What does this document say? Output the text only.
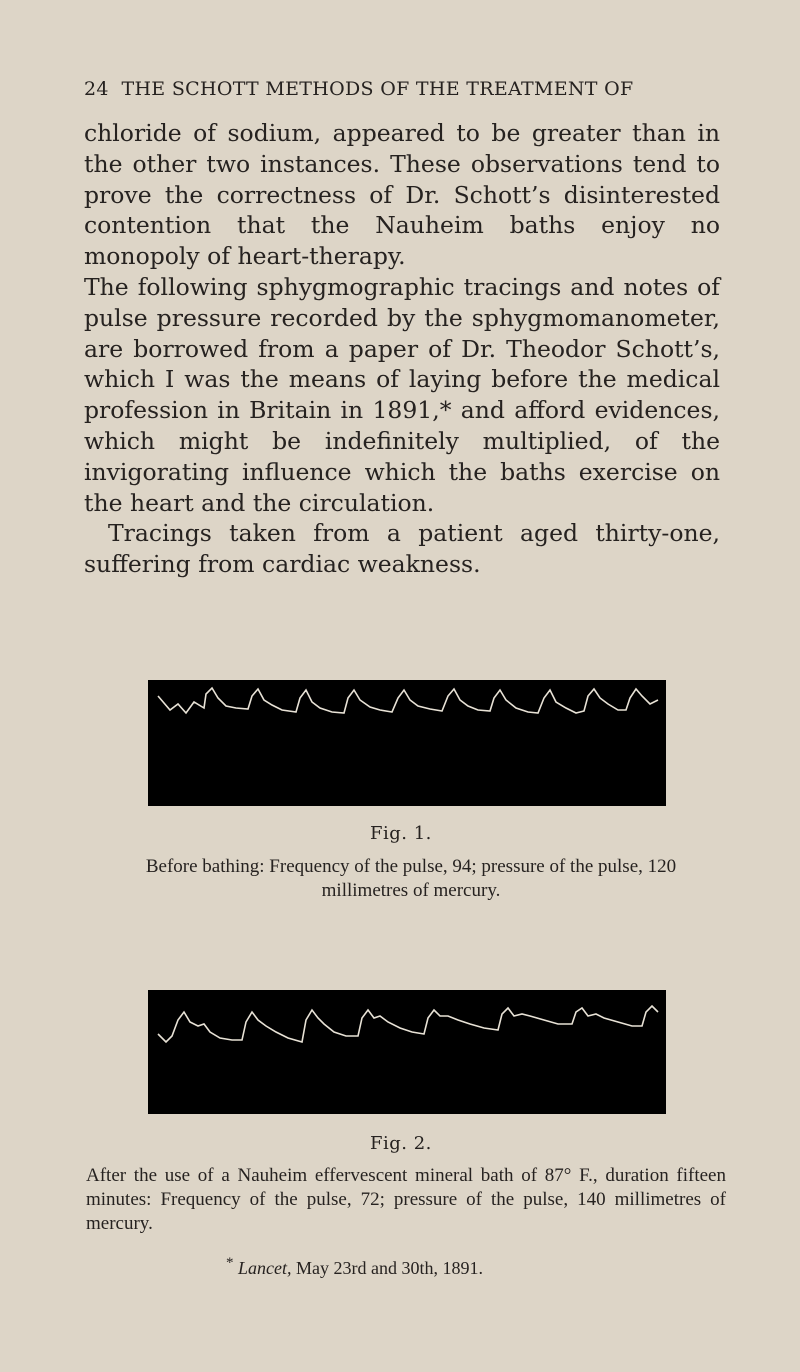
24 THE SCHOTT METHODS OF THE TREATMENT OF

chloride of sodium, appeared to be greater than in the other two instances. These observations tend to prove the correctness of Dr. Schott’s disinterested contention that the Nauheim baths enjoy no monopoly of heart-therapy.

The following sphygmographic tracings and notes of pulse pressure recorded by the sphygmomanometer, are borrowed from a paper of Dr. Theodor Schott’s, which I was the means of laying before the medical profession in Britain in 1891,* and afford evidences, which might be indefinitely multiplied, of the invigorating influence which the baths exercise on the heart and the circulation.

Tracings taken from a patient aged thirty-one, suffering from cardiac weakness.

Fig. 1.
Before bathing: Frequency of the pulse, 94; pressure of the pulse, 120 millimetres of mercury.
Fig. 2.
After the use of a Nauheim effervescent mineral bath of 87° F., duration fifteen minutes: Frequency of the pulse, 72; pressure of the pulse, 140 millimetres of mercury.
* Lancet, May 23rd and 30th, 1891.
